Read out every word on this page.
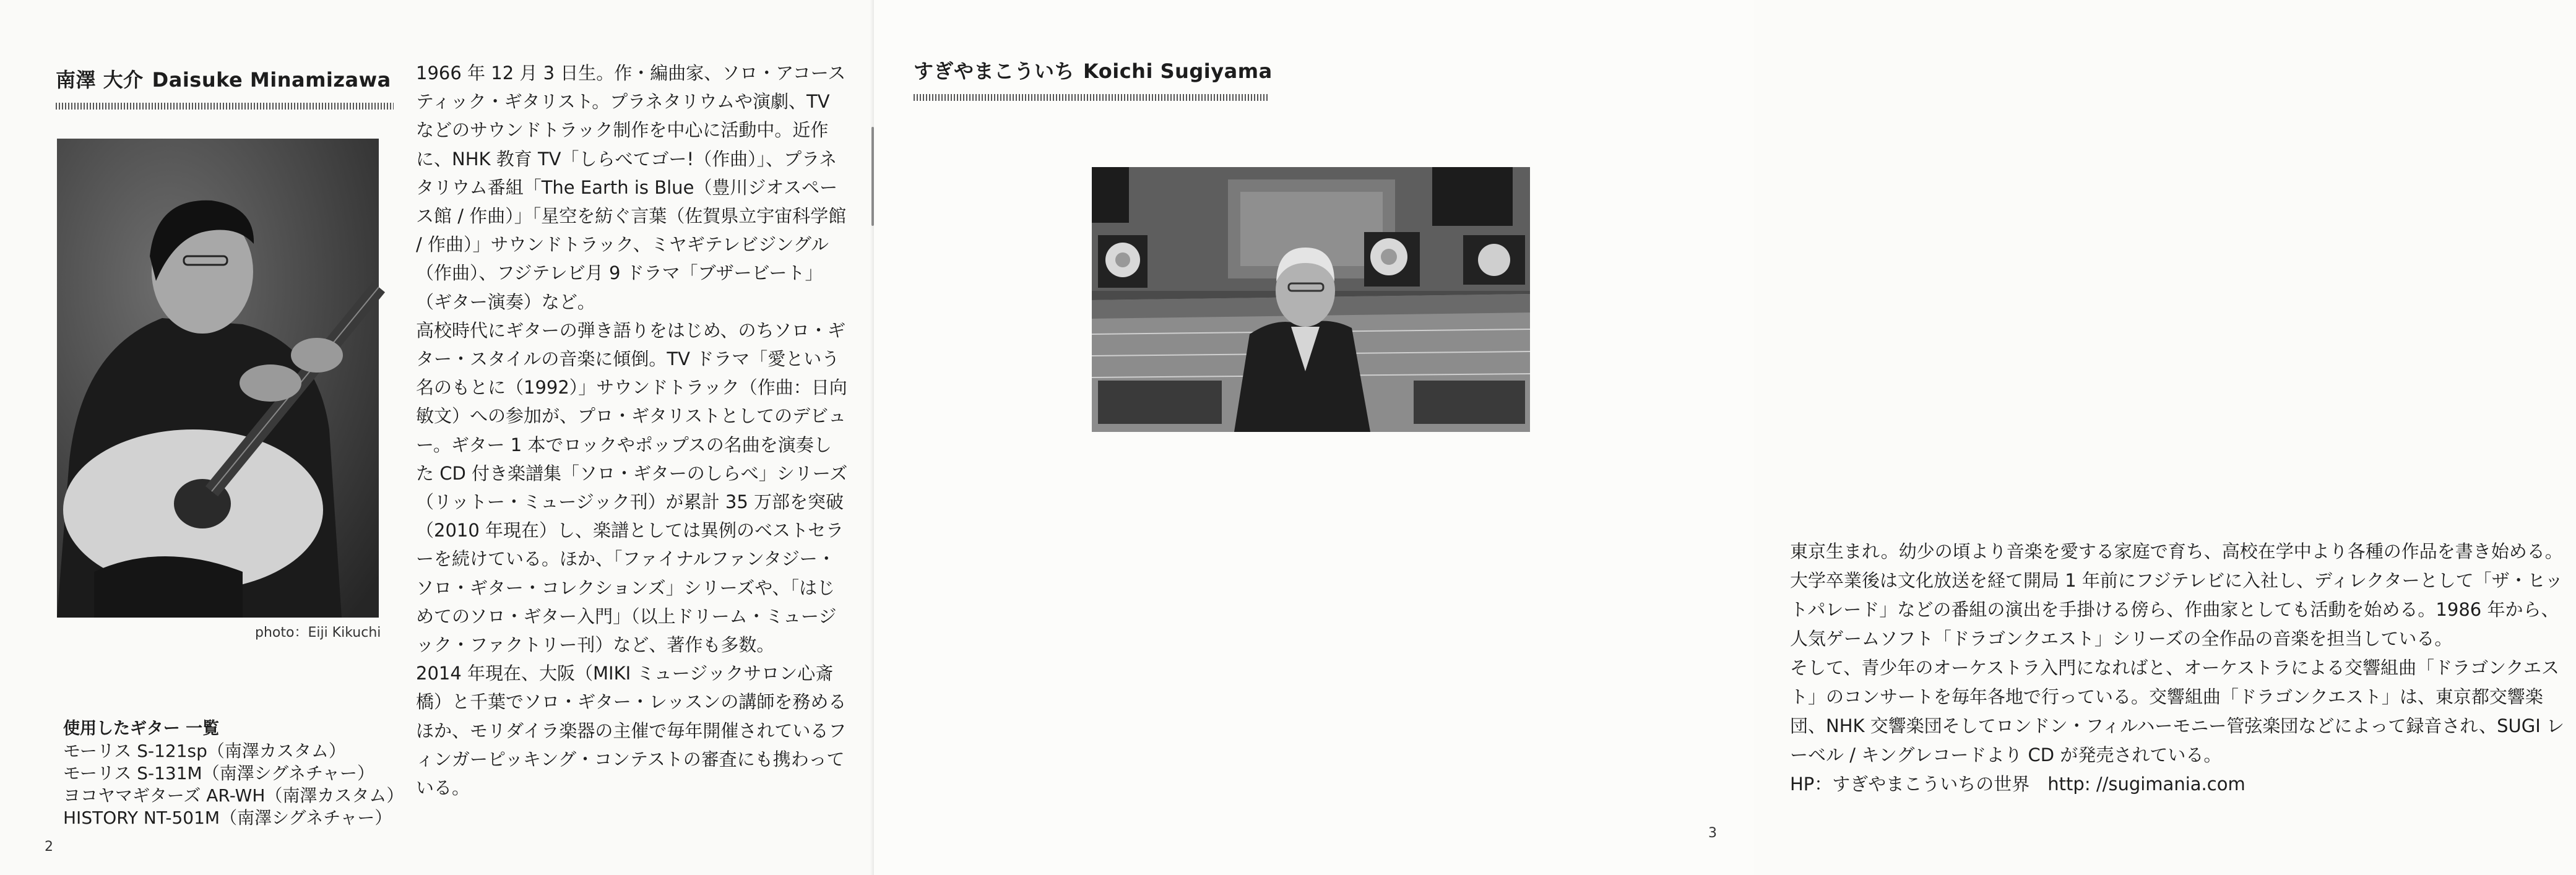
南澤 大介 Daisuke Minamizawa
photo：Eiji Kikuchi
使用したギター 一覧
モーリス S-121sp（南澤カスタム）
モーリス S-131M（南澤シグネチャー）
ヨコヤマギターズ AR-WH（南澤カスタム）
HISTORY NT-501M（南澤シグネチャー）

1966 年 12 月 3 日生。作・編曲家、ソロ・アコースティック・ギタリスト。プラネタリウムや演劇、TV などのサウンドトラック制作を中心に活動中。近作に、NHK 教育 TV「しらべてゴー!（作曲）」、プラネタリウム番組「The Earth is Blue（豊川ジオスペース館 / 作曲）」「星空を紡ぐ言葉（佐賀県立宇宙科学館 / 作曲）」サウンドトラック、ミヤギテレビジングル（作曲）、フジテレビ月 9 ドラマ「ブザービート」（ギター演奏）など。

高校時代にギターの弾き語りをはじめ、のちソロ・ギター・スタイルの音楽に傾倒。TV ドラマ「愛という名のもとに（1992）」サウンドトラック（作曲：日向敏文）への参加が、プロ・ギタリストとしてのデビュー。ギター 1 本でロックやポップスの名曲を演奏した CD 付き楽譜集「ソロ・ギターのしらべ」シリーズ（リットー・ミュージック刊）が累計 35 万部を突破（2010 年現在）し、楽譜としては異例のベストセラーを続けている。ほか、「ファイナルファンタジー・ソロ・ギター・コレクションズ」シリーズや、「はじめてのソロ・ギター入門」（以上ドリーム・ミュージック・ファクトリー刊）など、著作も多数。

2014 年現在、大阪（MIKI ミュージックサロン心斎橋）と千葉でソロ・ギター・レッスンの講師を務めるほか、モリダイラ楽器の主催で毎年開催されているフィンガーピッキング・コンテストの審査にも携わっている。

2
すぎやまこういち Koichi Sugiyama

東京生まれ。幼少の頃より音楽を愛する家庭で育ち、高校在学中より各種の作品を書き始める。大学卒業後は文化放送を経て開局 1 年前にフジテレビに入社し、ディレクターとして「ザ・ヒットパレード」などの番組の演出を手掛ける傍ら、作曲家としても活動を始める。1986 年から、人気ゲームソフト「ドラゴンクエスト」シリーズの全作品の音楽を担当している。

そして、青少年のオーケストラ入門になればと、オーケストラによる交響組曲「ドラゴンクエスト」のコンサートを毎年各地で行っている。交響組曲「ドラゴンクエスト」は、東京都交響楽団、NHK 交響楽団そしてロンドン・フィルハーモニー管弦楽団などによって録音され、SUGI レーベル / キングレコードより CD が発売されている。

HP：すぎやまこういちの世界　http: //sugimania.com

3
